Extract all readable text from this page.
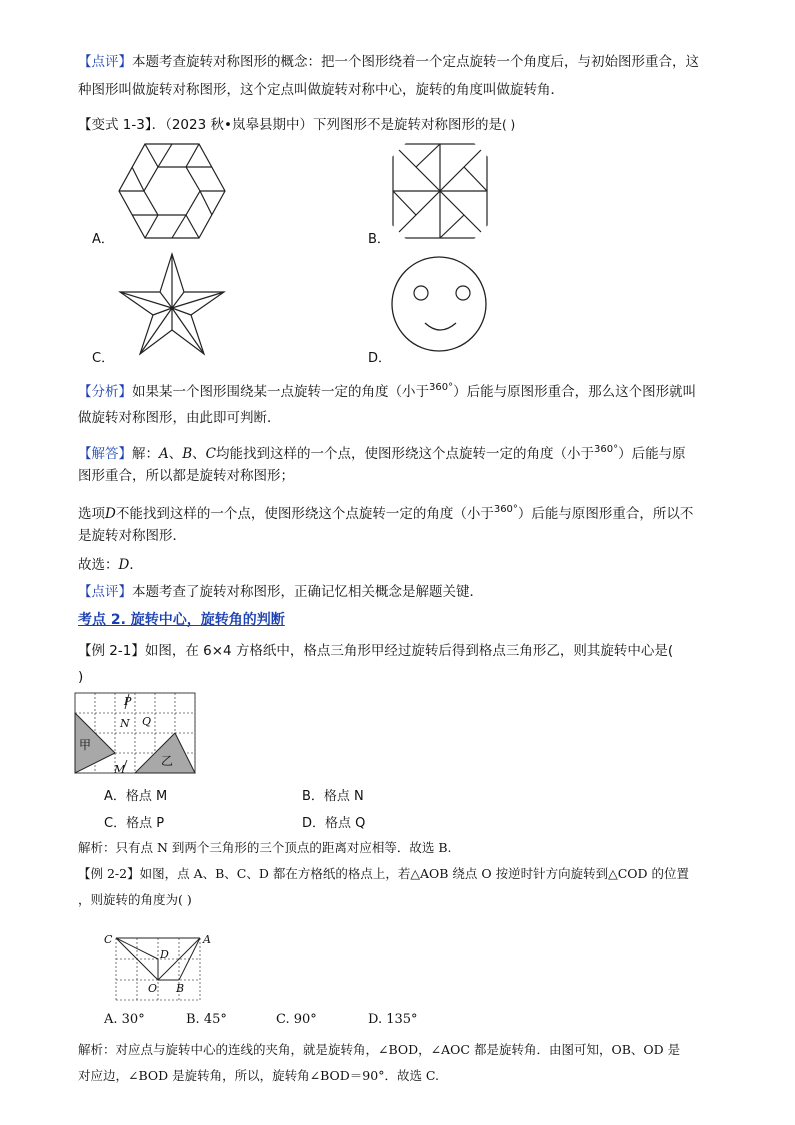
【点评】本题考查旋转对称图形的概念：把一个图形绕着一个定点旋转一个角度后，与初始图形重合，这
种图形叫做旋转对称图形，这个定点叫做旋转对称中心，旋转的角度叫做旋转角．
【变式 1-3】．（2023 秋•岚皋县期中）下列图形不是旋转对称图形的是( )
A．	B．
C．	D．
【分析】如果某一个图形围绕某一点旋转一定的角度（小于$^{360^\circ}$）后能与原图形重合，那么这个图形就叫
做旋转对称图形，由此即可判断．
【解答】解：A、B、C均能找到这样的一个点，使图形绕这个点旋转一定的角度（小于$^{360^\circ}$）后能与原
图形重合，所以都是旋转对称图形；
选项D不能找到这样的一个点，使图形绕这个点旋转一定的角度（小于$^{360^\circ}$）后能与原图形重合，所以不
是旋转对称图形．
故选：D．
【点评】本题考查了旋转对称图形，正确记忆相关概念是解题关键．
考点 2. 旋转中心，旋转角的判断
【例 2-1】如图，在 6×4 方格纸中，格点三角形甲经过旋转后得到格点三角形乙，则其旋转中心是(
)
甲
乙
P
N Q
M
A．格点 M	B．格点 N
C．格点 P	D．格点 Q
解析：只有点 N 到两个三角形的三个顶点的距离对应相等．故选 B.
【例 2-2】如图，点 A、B、C、D 都在方格纸的格点上，若△AOB 绕点 O 按逆时针方向旋转到△COD 的位置
，则旋转的角度为( )
C	A
D
O B
A. 30°	B. 45°	C. 90°	D. 135°
解析：对应点与旋转中心的连线的夹角，就是旋转角，∠BOD，∠AOC 都是旋转角．由图可知，OB、OD 是
对应边，∠BOD 是旋转角，所以，旋转角∠BOD＝90°．故选 C.
